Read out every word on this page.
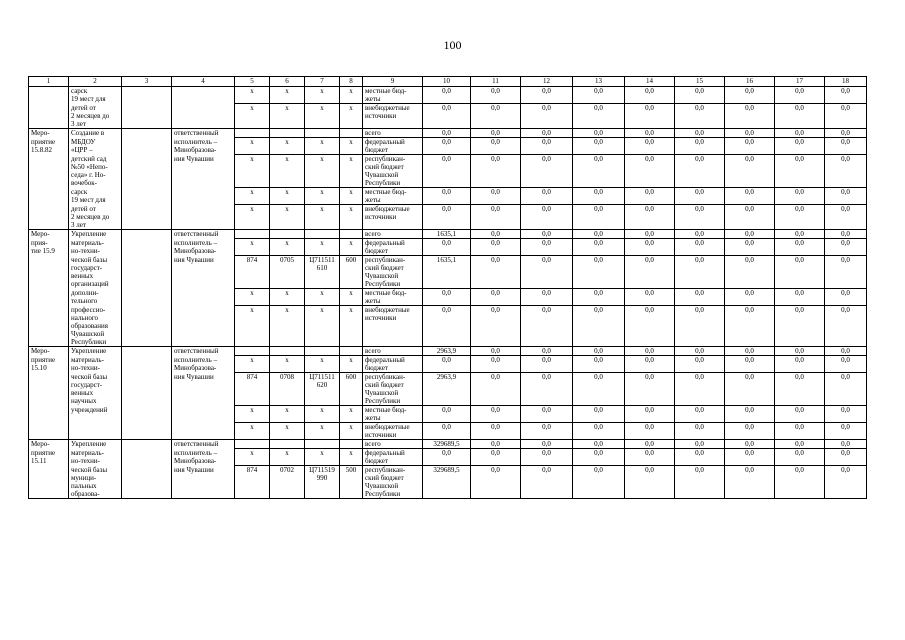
100
1	2	3	4	5	6	7	8	9	10	11	12	13	14	15	16	17	18
	сарск			x	x	x	x	местные бюд-	0,0	0,0	0,0	0,0	0,0	0,0	0,0	0,0	0,0
	19 мест для							жеты									
	детей от			x	x	x	x	внебюджетные	0,0	0,0	0,0	0,0	0,0	0,0	0,0	0,0	0,0
	2 месяцев до							источники									
	3 лет																
Меро-	Создание в		ответственный					всего	0,0	0,0	0,0	0,0	0,0	0,0	0,0	0,0	0,0
приятие	МБДОУ		исполнитель –	x	x	x	x	федеральный	0,0	0,0	0,0	0,0	0,0	0,0	0,0	0,0	0,0
15.8.82	«ЦРР –		Минобразова-					бюджет									
	детский сад		ния Чувашии	x	x	x	x	республикан-	0,0	0,0	0,0	0,0	0,0	0,0	0,0	0,0	0,0
	№50 «Непо-							ский бюджет									
	седа» г. Но-							Чувашской									
	вочебок-							Республики									
	сарск			x	x	x	x	местные бюд-	0,0	0,0	0,0	0,0	0,0	0,0	0,0	0,0	0,0
	19 мест для							жеты									
	детей от			x	x	x	x	внебюджетные	0,0	0,0	0,0	0,0	0,0	0,0	0,0	0,0	0,0
	2 месяцев до							источники									
	3 лет																
Меро-	Укрепление		ответственный					всего	1635,1	0,0	0,0	0,0	0,0	0,0	0,0	0,0	0,0
прия-	материаль-		исполнитель –	x	x	x	x	федеральный	0,0	0,0	0,0	0,0	0,0	0,0	0,0	0,0	0,0
тие 15.9	но-техни-		Минобразова-					бюджет									
	ческой базы		ния Чувашии	874	0705	Ц711511	600	республикан-	1635,1	0,0	0,0	0,0	0,0	0,0	0,0	0,0	0,0
	государст-					610		ский бюджет									
	венных							Чувашской									
	организаций							Республики									
	дополни-			x	x	x	x	местные бюд-	0,0	0,0	0,0	0,0	0,0	0,0	0,0	0,0	0,0
	тельного							жеты									
	профессио-			x	x	x	x	внебюджетные	0,0	0,0	0,0	0,0	0,0	0,0	0,0	0,0	0,0
	нального							источники									
	образования																
	Чувашской																
	Республики																
Меро-	Укрепление		ответственный					всего	2963,9	0,0	0,0	0,0	0,0	0,0	0,0	0,0	0,0
приятие	материаль-		исполнитель –	x	x	x	x	федеральный	0,0	0,0	0,0	0,0	0,0	0,0	0,0	0,0	0,0
15.10	но-техни-		Минобразова-					бюджет									
	ческой базы		ния Чувашии	874	0708	Ц711511	600	республикан-	2963,9	0,0	0,0	0,0	0,0	0,0	0,0	0,0	0,0
	государст-					620		ский бюджет									
	венных							Чувашской									
	научных							Республики									
	учреждений			x	x	x	x	местные бюд-	0,0	0,0	0,0	0,0	0,0	0,0	0,0	0,0	0,0
								жеты									
				x	x	x	x	внебюджетные	0,0	0,0	0,0	0,0	0,0	0,0	0,0	0,0	0,0
								источники									
Меро-	Укрепление		ответственный					всего	329689,5	0,0	0,0	0,0	0,0	0,0	0,0	0,0	0,0
приятие	материаль-		исполнитель –	x	x	x	x	федеральный	0,0	0,0	0,0	0,0	0,0	0,0	0,0	0,0	0,0
15.11	но-техни-		Минобразова-					бюджет									
	ческой базы		ния Чувашии	874	0702	Ц711519	500	республикан-	329689,5	0,0	0,0	0,0	0,0	0,0	0,0	0,0	0,0
	муници-					990		ский бюджет									
	пальных							Чувашской									
	образова-							Республики									
